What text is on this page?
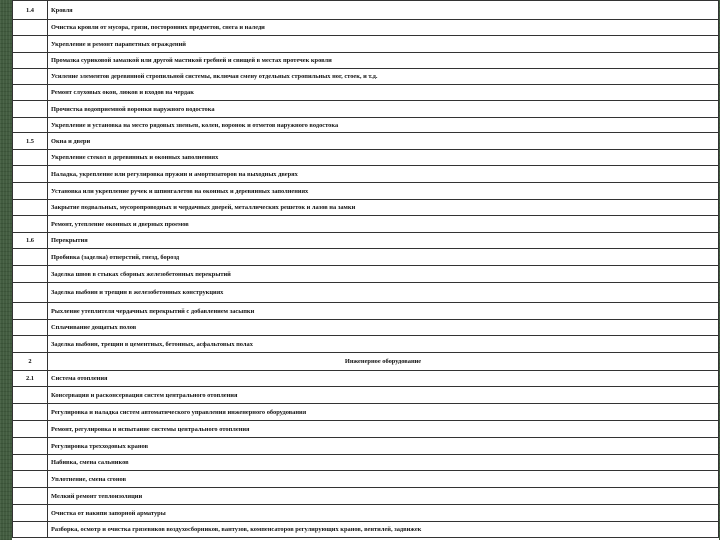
1.4	Кровля
	Очистка кровли от мусора, грязи, посторонних предметов, снега и наледи
	Укрепление и ремонт парапетных ограждений
	Промазка суриковой замазкой или другой мастикой гребней и свищей в местах протечек кровли
	Усиление элементов деревянной стропильной системы, включая смену отдельных стропильных ног, стоек, и т.д.
	Ремонт слуховых окон, люков и входов на чердак
	Прочистка водоприемной воронки наружного водостока
	Укрепление и установка на место рядовых звеньев, колен, воронок и отметов наружного водостока
1.5	Окна и двери
	Укрепление стекол в деревянных и оконных заполнениях
	Наладка, укрепление или регулировка пружин и амортизаторов на выходных дверях
	Установка или укрепление ручек и шпингалетов на оконных и деревянных заполнениях
	Закрытие подвальных, мусоропроводных и чердачных дверей, металлических решеток и лазов на замки
	Ремонт, утепление оконных и дверных проемов
1.6	Перекрытия
	Пробивка (заделка) отверстий, гнезд, борозд
	Заделка швов в стыках сборных железобетонных перекрытий
	Заделка выбоин и трещин в железобетонных конструкциях
	Рыхление утеплителя чердачных перекрытий с добавлением засыпки
	Сплачивание дощатых полов
	Заделка выбоин, трещин в цементных, бетонных, асфальтовых полах
2	Инженерное оборудование
2.1	Система отопления
	Консервация и расконсервация систем центрального отопления
	Регулировка и наладка систем автоматического управления инженерного оборудования
	Ремонт, регулировка и испытание системы центрального отопления
	Регулировка трехходовых кранов
	Набивка, смена сальников
	Уплотнение, смена сгонов
	Мелкий ремонт теплоизоляции
	Очистка от накипи запорной арматуры
	Разборка, осмотр и очистка грязевиков воздухосборников, вантузов, компенсаторов регулирующих кранов, вентилей, задвижек
